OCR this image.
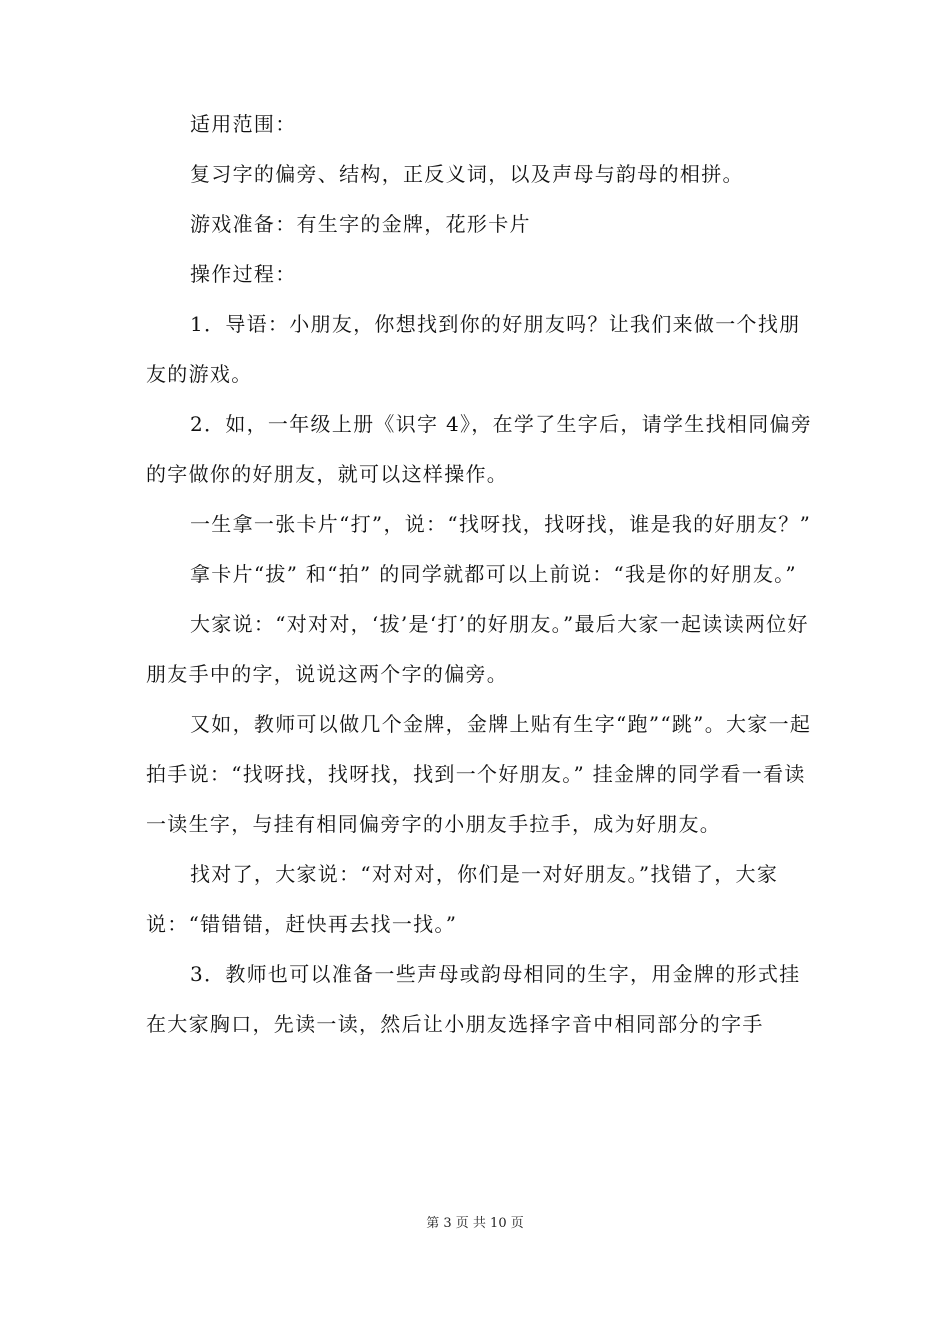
适用范围：

复习字的偏旁、结构，正反义词，以及声母与韵母的相拼。

游戏准备：有生字的金牌，花形卡片

操作过程：

1．导语：小朋友，你想找到你的好朋友吗？让我们来做一个找朋友的游戏。

2．如，一年级上册《识字 4》，在学了生字后，请学生找相同偏旁的字做你的好朋友，就可以这样操作。

一生拿一张卡片“打”，说：“找呀找，找呀找，谁是我的好朋友？”

拿卡片“拔” 和“拍” 的同学就都可以上前说：“我是你的好朋友。”

大家说：“对对对，‘拔’是‘打’的好朋友。”最后大家一起读读两位好朋友手中的字，说说这两个字的偏旁。

又如，教师可以做几个金牌，金牌上贴有生字“跑”“跳”。大家一起拍手说：“找呀找，找呀找，找到一个好朋友。” 挂金牌的同学看一看读一读生字，与挂有相同偏旁字的小朋友手拉手，成为好朋友。

找对了，大家说：“对对对，你们是一对好朋友。”找错了，大家说：“错错错，赶快再去找一找。”

3．教师也可以准备一些声母或韵母相同的生字，用金牌的形式挂在大家胸口，先读一读，然后让小朋友选择字音中相同部分的字手

第 3 页 共 10 页
